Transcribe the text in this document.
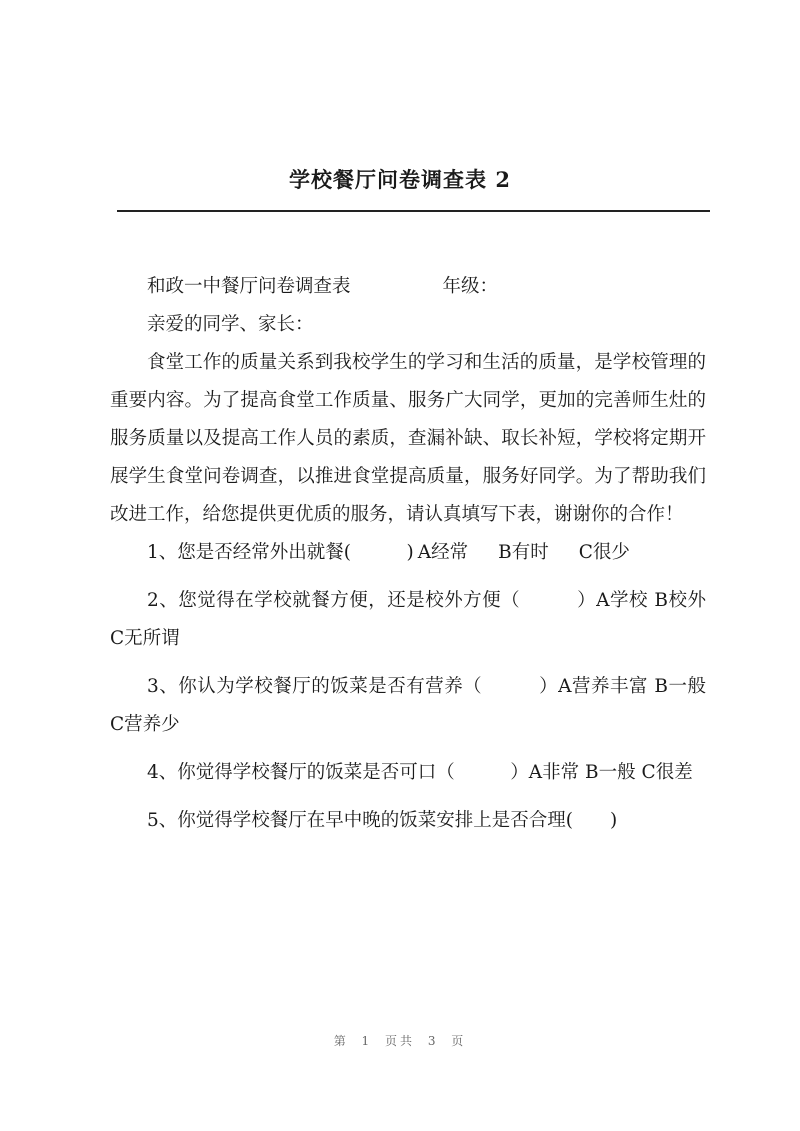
学校餐厅问卷调查表 2

和政一中餐厅问卷调查表	年级：

亲爱的同学、家长：

食堂工作的质量关系到我校学生的学习和生活的质量，是学校管理的重要内容。为了提高食堂工作质量、服务广大同学，更加的完善师生灶的服务质量以及提高工作人员的素质，查漏补缺、取长补短，学校将定期开展学生食堂问卷调查，以推进食堂提高质量，服务好同学。为了帮助我们改进工作，给您提供更优质的服务，请认真填写下表，谢谢你的合作！

1、您是否经常外出就餐(　　　) A经常 B有时 C很少

2、您觉得在学校就餐方便，还是校外方便（　　　）A学校 B校外 C无所谓

3、你认为学校餐厅的饭菜是否有营养（　　　）A营养丰富 B一般 C营养少

4、你觉得学校餐厅的饭菜是否可口（　　　）A非常 B一般 C很差

5、你觉得学校餐厅在早中晚的饭菜安排上是否合理(　　)

第 1 页共 3 页
